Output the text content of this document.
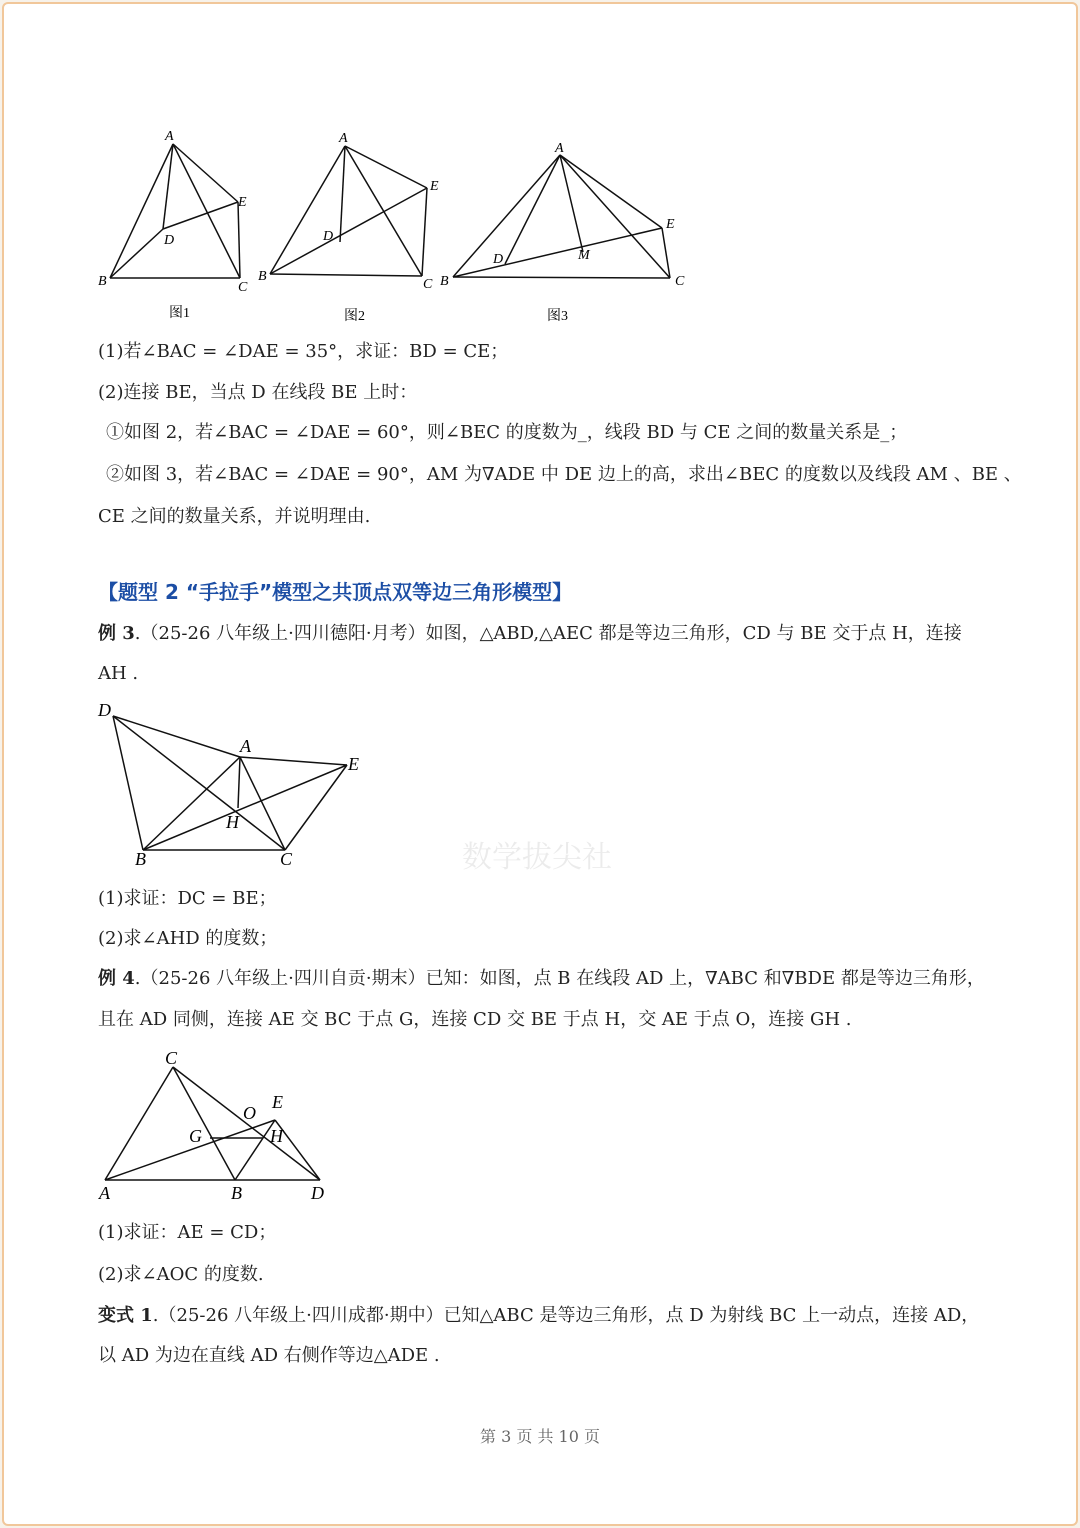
A
B	C
D
E
图1
A
B
C
D
E
图2
A
B	C
D
E
M
图3
(1)若∠BAC = ∠DAE = 35°，求证：BD = CE；
(2)连接 BE，当点 D 在线段 BE 上时：
①如图 2，若∠BAC = ∠DAE = 60°，则∠BEC 的度数为_，线段 BD 与 CE 之间的数量关系是_；
②如图 3，若∠BAC = ∠DAE = 90°，AM 为∇ADE 中 DE 边上的高，求出∠BEC 的度数以及线段 AM 、BE 、
CE 之间的数量关系，并说明理由.
【题型 2 “手拉手”模型之共顶点双等边三角形模型】
例 3.（25-26 八年级上·四川德阳·月考）如图，△ABD,△AEC 都是等边三角形，CD 与 BE 交于点 H，连接
AH .
D
A
E
H
B	C	数学拔尖社
(1)求证：DC = BE；
(2)求∠AHD 的度数；
例 4.（25-26 八年级上·四川自贡·期末）已知：如图，点 B 在线段 AD 上，∇ABC 和∇BDE 都是等边三角形，
且在 AD 同侧，连接 AE 交 BC 于点 G，连接 CD 交 BE 于点 H，交 AE 于点 O，连接 GH .
C
O
E
G	H
A	B	D
(1)求证：AE = CD；
(2)求∠AOC 的度数.
变式 1.（25-26 八年级上·四川成都·期中）已知△ABC 是等边三角形，点 D 为射线 BC 上一动点，连接 AD，
以 AD 为边在直线 AD 右侧作等边△ADE .
第 3 页 共 10 页
